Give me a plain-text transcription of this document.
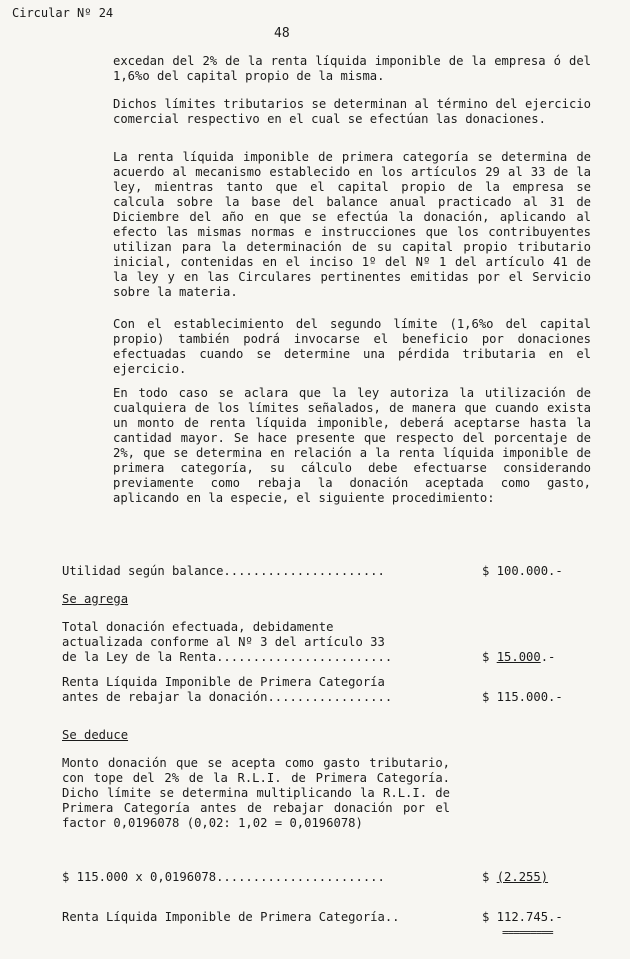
Circular Nº 24
48
excedan del 2% de la renta líquida imponible de la empresa ó del 1,6%o del capital propio de la misma.
Dichos límites tributarios se determinan al término del ejercicio comercial respectivo en el cual se efectúan las donaciones.
La renta líquida imponible de primera categoría se determina de acuerdo al mecanismo establecido en los artículos 29 al 33 de la ley, mientras tanto que el capital propio de la empresa se calcula sobre la base del balance anual practicado al 31 de Diciembre del año en que se efectúa la donación, aplicando al efecto las mismas normas e instrucciones que los contribuyentes utilizan para la determinación de su capital propio tributario inicial, contenidas en el inciso 1º del Nº 1 del artículo 41 de la ley y en las Circulares pertinentes emitidas por el Servicio sobre la materia.
Con el establecimiento del segundo límite (1,6%o del capital propio) también podrá invocarse el beneficio por donaciones efectuadas cuando se determine una pérdida tributaria en el ejercicio.
En todo caso se aclara que la ley autoriza la utilización de cualquiera de los límites señalados, de manera que cuando exista un monto de renta líquida imponible, deberá aceptarse hasta la cantidad mayor. Se hace presente que respecto del porcentaje de 2%, que se determina en relación a la renta líquida imponible de primera categoría, su cálculo debe efectuarse considerando previamente como rebaja la donación aceptada como gasto, aplicando en la especie, el siguiente procedimiento:
Utilidad según balance......................	$ 100.000.-
Se agrega
Total donación efectuada, debidamente
actualizada conforme al Nº 3 del artículo 33
de la Ley de la Renta........................	$ 15.000.-
Renta Líquida Imponible de Primera Categoría
antes de rebajar la donación.................	$ 115.000.-
Se deduce
Monto donación que se acepta como gasto tributario, con tope del 2% de la R.L.I. de Primera Categoría. Dicho límite se determina multiplicando la R.L.I. de Primera Categoría antes de rebajar donación por el factor 0,0196078 (0,02: 1,02 = 0,0196078)
$ 115.000 x 0,0196078.......................	$ (2.255)
Renta Líquida Imponible de Primera Categoría..	$ 112.745.-
=========
